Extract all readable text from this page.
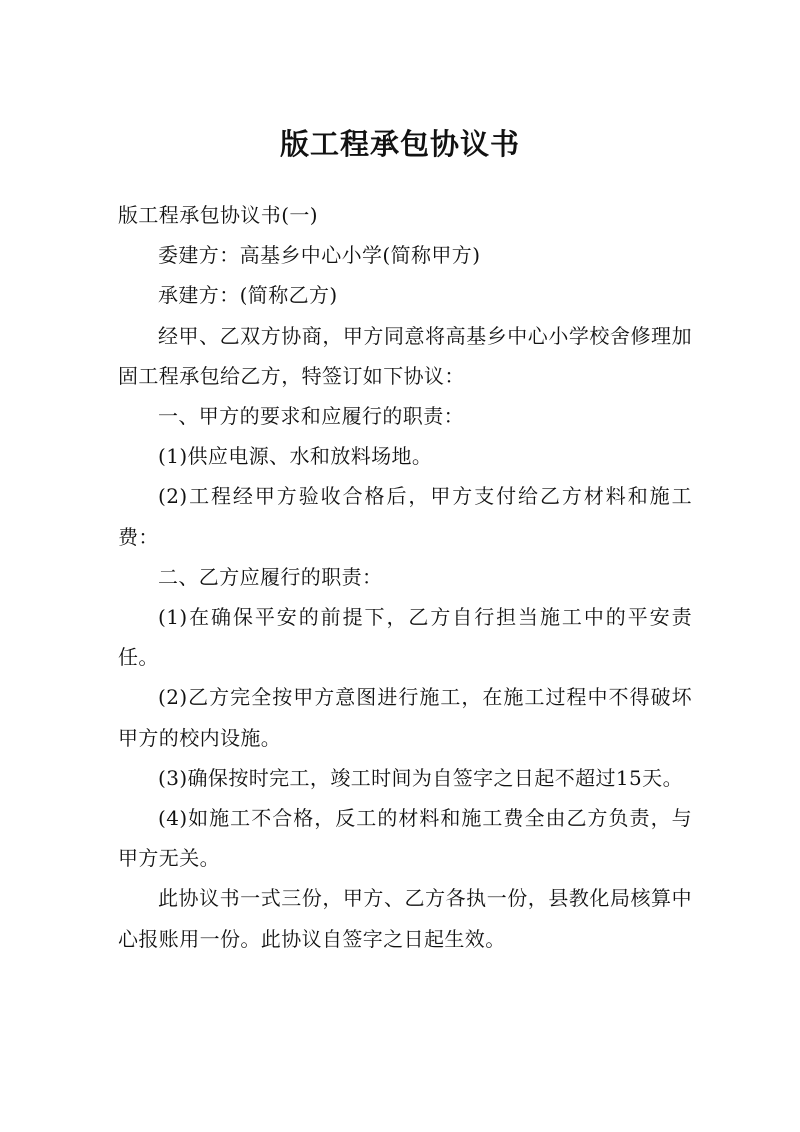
版工程承包协议书

版工程承包协议书(一)

委建方：高基乡中心小学(简称甲方)

承建方：(简称乙方)

经甲、乙双方协商，甲方同意将高基乡中心小学校舍修理加固工程承包给乙方，特签订如下协议：

一、甲方的要求和应履行的职责：

(1)供应电源、水和放料场地。

(2)工程经甲方验收合格后，甲方支付给乙方材料和施工费：

二、乙方应履行的职责：

(1)在确保平安的前提下，乙方自行担当施工中的平安责任。

(2)乙方完全按甲方意图进行施工，在施工过程中不得破坏甲方的校内设施。

(3)确保按时完工，竣工时间为自签字之日起不超过15天。

(4)如施工不合格，反工的材料和施工费全由乙方负责，与甲方无关。

此协议书一式三份，甲方、乙方各执一份，县教化局核算中心报账用一份。此协议自签字之日起生效。
